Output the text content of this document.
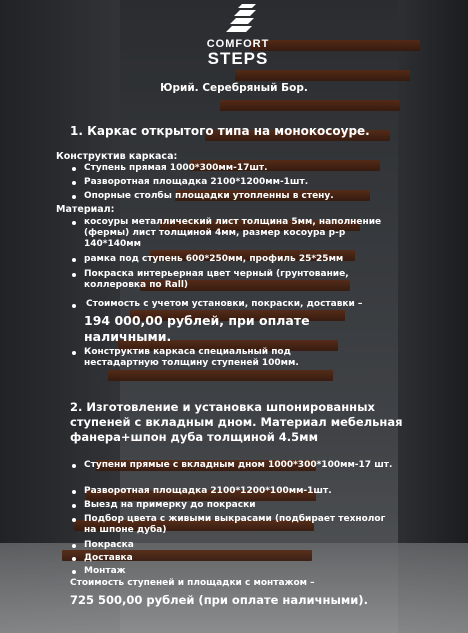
COMFORT
STEPS
Юрий. Серебряный Бор.
1. Каркас открытого типа на монокосоуре.
Конструктив каркаса:
Ступень прямая 1000*300мм-17шт.
Разворотная площадка 2100*1200мм-1шт.
Опорные столбы площадки утопленны в стену.
Материал:
косоуры металлический лист толщина 5мм, наполнение (фермы) лист толщиной 4мм, размер косоура р-р 140*140мм
рамка под ступень 600*250мм, профиль 25*25мм
Покраска интерьерная цвет черный (грунтование, коллеровка по Rall)
Стоимость с учетом установки, покраски, доставки –
194 000,00 рублей, при оплате наличными.
Конструктив каркаса специальный под нестадартную толщину ступеней 100мм.
2. Изготовление и установка шпонированных ступеней с вкладным дном. Материал мебельная фанера+шпон дуба толщиной 4.5мм
Ступени прямые с вкладным дном 1000*300*100мм-17 шт.
Разворотная площадка 2100*1200*100мм-1шт.
Выезд на примерку до покраски
Подбор цвета с живыми выкрасами (подбирает технолог на шпоне дуба)
Покраска
Доставка
Монтаж
Стоимость ступеней и площадки с монтажом –
725 500,00 рублей (при оплате наличными).
